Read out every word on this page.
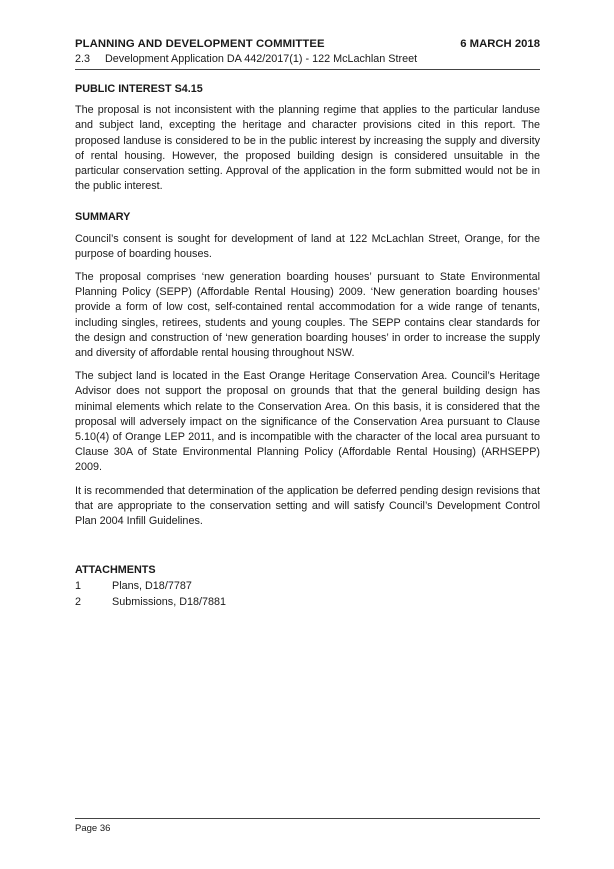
PLANNING AND DEVELOPMENT COMMITTEE	6 MARCH 2018
2.3 Development Application DA 442/2017(1) - 122 McLachlan Street
PUBLIC INTEREST S4.15

The proposal is not inconsistent with the planning regime that applies to the particular landuse and subject land, excepting the heritage and character provisions cited in this report. The proposed landuse is considered to be in the public interest by increasing the supply and diversity of rental housing. However, the proposed building design is considered unsuitable in the particular conservation setting. Approval of the application in the form submitted would not be in the public interest.

SUMMARY

Council’s consent is sought for development of land at 122 McLachlan Street, Orange, for the purpose of boarding houses.

The proposal comprises ‘new generation boarding houses’ pursuant to State Environmental Planning Policy (SEPP) (Affordable Rental Housing) 2009. ‘New generation boarding houses’ provide a form of low cost, self-contained rental accommodation for a wide range of tenants, including singles, retirees, students and young couples. The SEPP contains clear standards for the design and construction of ‘new generation boarding houses’ in order to increase the supply and diversity of affordable rental housing throughout NSW.

The subject land is located in the East Orange Heritage Conservation Area. Council’s Heritage Advisor does not support the proposal on grounds that that the general building design has minimal elements which relate to the Conservation Area. On this basis, it is considered that the proposal will adversely impact on the significance of the Conservation Area pursuant to Clause 5.10(4) of Orange LEP 2011, and is incompatible with the character of the local area pursuant to Clause 30A of State Environmental Planning Policy (Affordable Rental Housing) (ARHSEPP) 2009.

It is recommended that determination of the application be deferred pending design revisions that that are appropriate to the conservation setting and will satisfy Council’s Development Control Plan 2004 Infill Guidelines.

ATTACHMENTS
1	Plans, D18/7787
2	Submissions, D18/7881
Page 36
